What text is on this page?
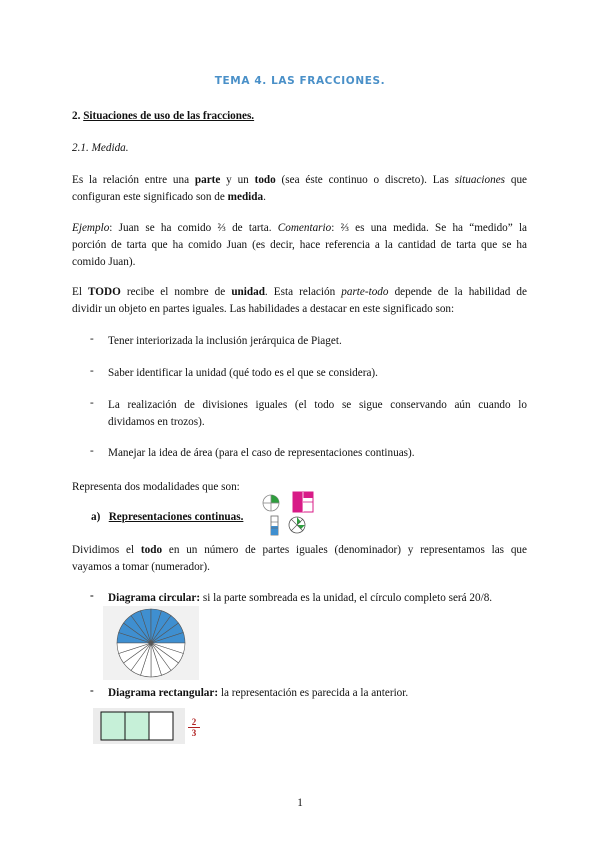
TEMA 4. LAS FRACCIONES.
2. Situaciones de uso de las fracciones.
2.1. Medida.
Es la relación entre una parte y un todo (sea éste continuo o discreto). Las situaciones que
configuran este significado son de medida.
Ejemplo: Juan se ha comido ⅔ de tarta. Comentario: ⅔ es una medida. Se ha “medido” la
porción de tarta que ha comido Juan (es decir, hace referencia a la cantidad de tarta que se ha
comido Juan).
El TODO recibe el nombre de unidad. Esta relación parte-todo depende de la habilidad de
dividir un objeto en partes iguales. Las habilidades a destacar en este significado son:
- Tener interiorizada la inclusión jerárquica de Piaget.
- Saber identificar la unidad (qué todo es el que se considera).
- La realización de divisiones iguales (el todo se sigue conservando aún cuando lo
dividamos en trozos).
- Manejar la idea de área (para el caso de representaciones continuas).
Representa dos modalidades que son:
a) Representaciones continuas.
Dividimos el todo en un número de partes iguales (denominador) y representamos las que
vayamos a tomar (numerador).
- Diagrama circular: si la parte sombreada es la unidad, el círculo completo será 20/8.
- Diagrama rectangular: la representación es parecida a la anterior.
$\frac{2}{3}$
1
